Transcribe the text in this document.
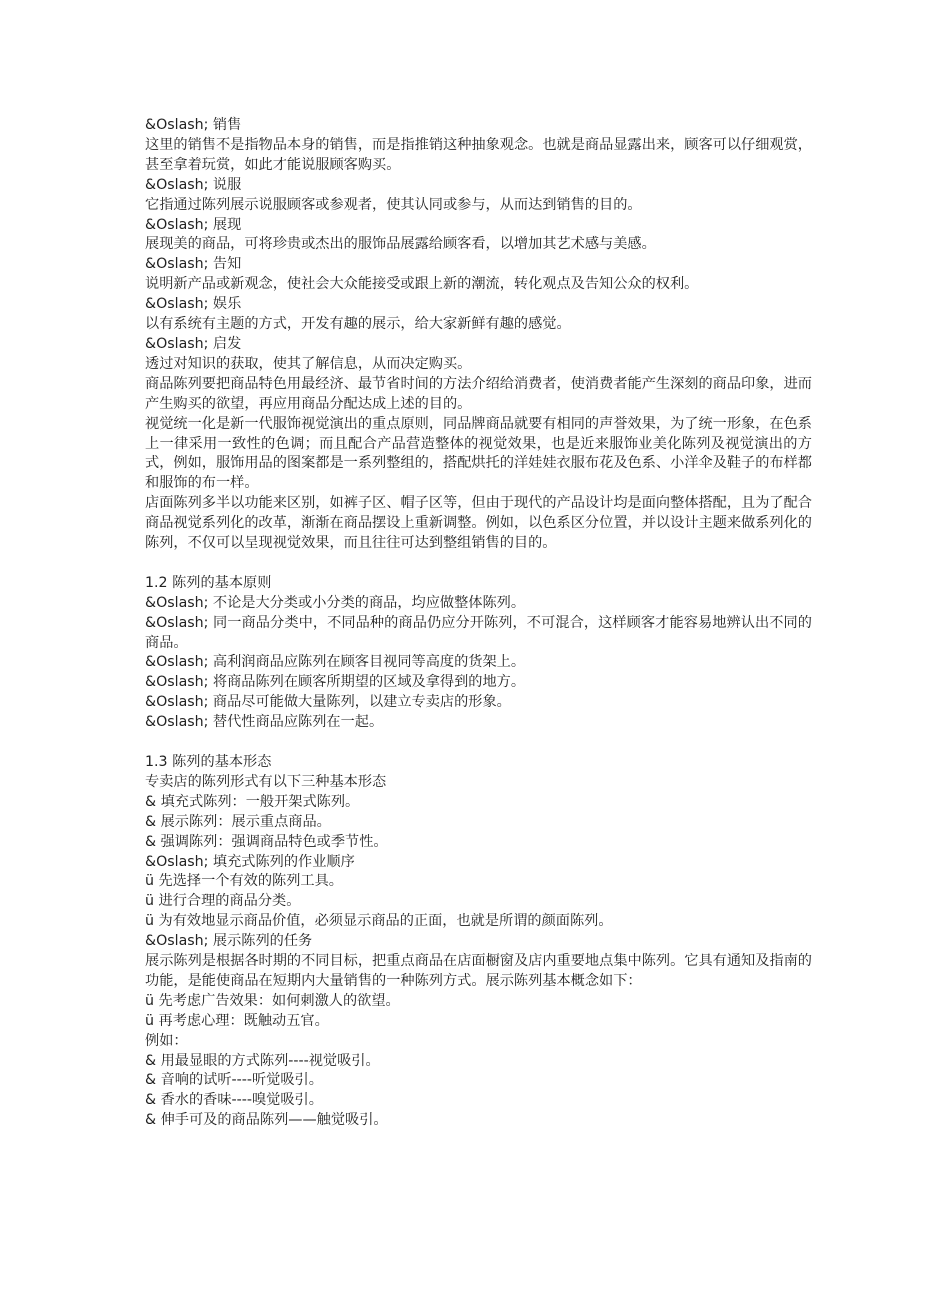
&Oslash; 销售
这里的销售不是指物品本身的销售，而是指推销这种抽象观念。也就是商品显露出来，顾客可以仔细观赏，甚至拿着玩赏，如此才能说服顾客购买。
&Oslash; 说服
它指通过陈列展示说服顾客或参观者，使其认同或参与，从而达到销售的目的。
&Oslash; 展现
展现美的商品，可将珍贵或杰出的服饰品展露给顾客看，以增加其艺术感与美感。
&Oslash; 告知
说明新产品或新观念，使社会大众能接受或跟上新的潮流，转化观点及告知公众的权利。
&Oslash; 娱乐
以有系统有主题的方式，开发有趣的展示，给大家新鲜有趣的感觉。
&Oslash; 启发
透过对知识的获取，使其了解信息，从而决定购买。
商品陈列要把商品特色用最经济、最节省时间的方法介绍给消费者，使消费者能产生深刻的商品印象，进而产生购买的欲望，再应用商品分配达成上述的目的。
视觉统一化是新一代服饰视觉演出的重点原则，同品牌商品就要有相同的声誉效果，为了统一形象，在色系上一律采用一致性的色调；而且配合产品营造整体的视觉效果，也是近来服饰业美化陈列及视觉演出的方式，例如，服饰用品的图案都是一系列整组的，搭配烘托的洋娃娃衣服布花及色系、小洋伞及鞋子的布样都和服饰的布一样。
店面陈列多半以功能来区别，如裤子区、帽子区等，但由于现代的产品设计均是面向整体搭配，且为了配合商品视觉系列化的改革，渐渐在商品摆设上重新调整。例如，以色系区分位置，并以设计主题来做系列化的陈列，不仅可以呈现视觉效果，而且往往可达到整组销售的目的。
1.2 陈列的基本原则
&Oslash; 不论是大分类或小分类的商品，均应做整体陈列。
&Oslash; 同一商品分类中，不同品种的商品仍应分开陈列，不可混合，这样顾客才能容易地辨认出不同的商品。
&Oslash; 高利润商品应陈列在顾客目视同等高度的货架上。
&Oslash; 将商品陈列在顾客所期望的区域及拿得到的地方。
&Oslash; 商品尽可能做大量陈列，以建立专卖店的形象。
&Oslash; 替代性商品应陈列在一起。
1.3 陈列的基本形态
专卖店的陈列形式有以下三种基本形态
& 填充式陈列：一般开架式陈列。
& 展示陈列：展示重点商品。
& 强调陈列：强调商品特色或季节性。
&Oslash; 填充式陈列的作业顺序
ü 先选择一个有效的陈列工具。
ü 进行合理的商品分类。
ü 为有效地显示商品价值，必须显示商品的正面，也就是所谓的颜面陈列。
&Oslash; 展示陈列的任务
展示陈列是根据各时期的不同目标，把重点商品在店面橱窗及店内重要地点集中陈列。它具有通知及指南的功能，是能使商品在短期内大量销售的一种陈列方式。展示陈列基本概念如下：
ü 先考虑广告效果：如何刺激人的欲望。
ü 再考虑心理：既触动五官。
例如：
& 用最显眼的方式陈列----视觉吸引。
& 音响的试听----听觉吸引。
& 香水的香味----嗅觉吸引。
& 伸手可及的商品陈列——触觉吸引。
